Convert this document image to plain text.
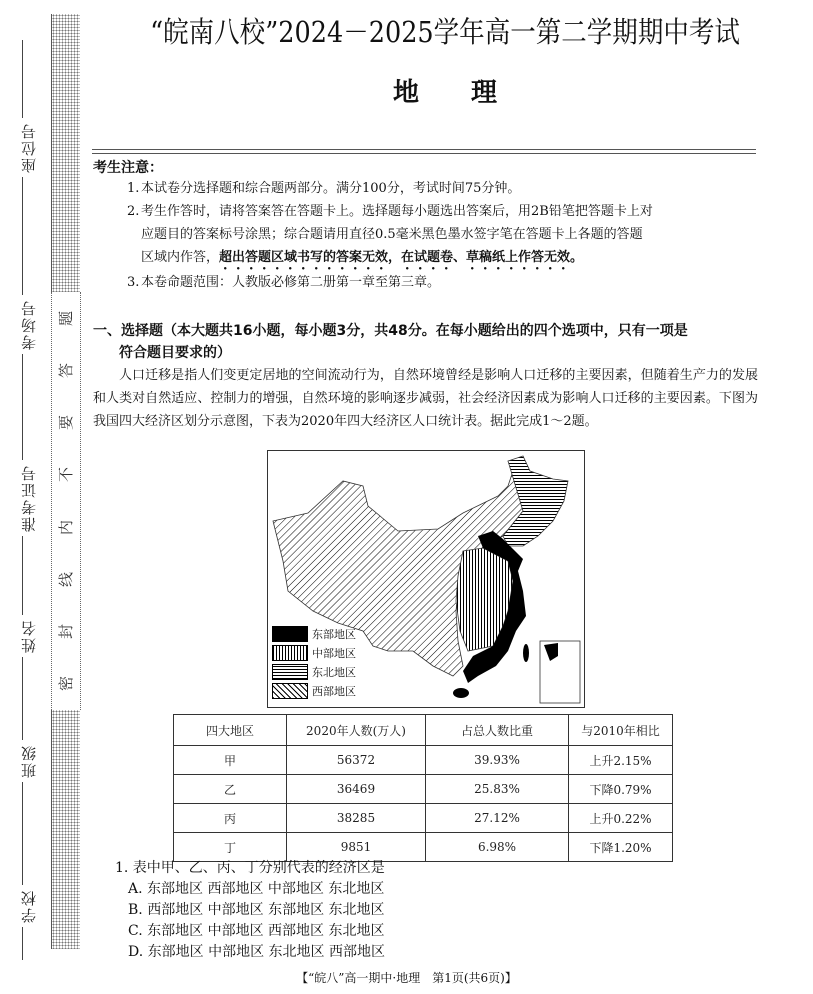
座位号
考场号
准考证号
姓名
班级
学校
题
答
要
不
内
线
封
密
“皖南八校”2024－2025学年高一第二学期期中考试
地理
考生注意：
1. 本试卷分选择题和综合题两部分。满分100分，考试时间75分钟。
2. 考生作答时，请将答案答在答题卡上。选择题每小题选出答案后，用2B铅笔把答题卡上对
应题目的答案标号涂黑；综合题请用直径0.5毫米黑色墨水签字笔在答题卡上各题的答题
区域内作答，超出答题区域书写的答案无效，在试题卷、草稿纸上作答无效。
3. 本卷命题范围：人教版必修第二册第一章至第三章。
一、选择题（本大题共16小题，每小题3分，共48分。在每小题给出的四个选项中，只有一项是
符合题目要求的）
人口迁移是指人们变更定居地的空间流动行为，自然环境曾经是影响人口迁移的主要因素，但随着生产力的发展和人类对自然适应、控制力的增强，自然环境的影响逐步减弱，社会经济因素成为影响人口迁移的主要因素。下图为我国四大经济区划分示意图，下表为2020年四大经济区人口统计表。据此完成1～2题。
东部地区
中部地区
东北地区
西部地区
四大地区	2020年人数(万人)	占总人数比重	与2010年相比
甲	56372	39.93%	上升2.15%
乙	36469	25.83%	下降0.79%
丙	38285	27.12%	上升0.22%
丁	9851	6.98%	下降1.20%
1. 表中甲、乙、丙、丁分别代表的经济区是
A. 东部地区 西部地区 中部地区 东北地区
B. 西部地区 中部地区 东部地区 东北地区
C. 东部地区 中部地区 西部地区 东北地区
D. 东部地区 中部地区 东北地区 西部地区
【“皖八”高一期中·地理　第1页(共6页)】
